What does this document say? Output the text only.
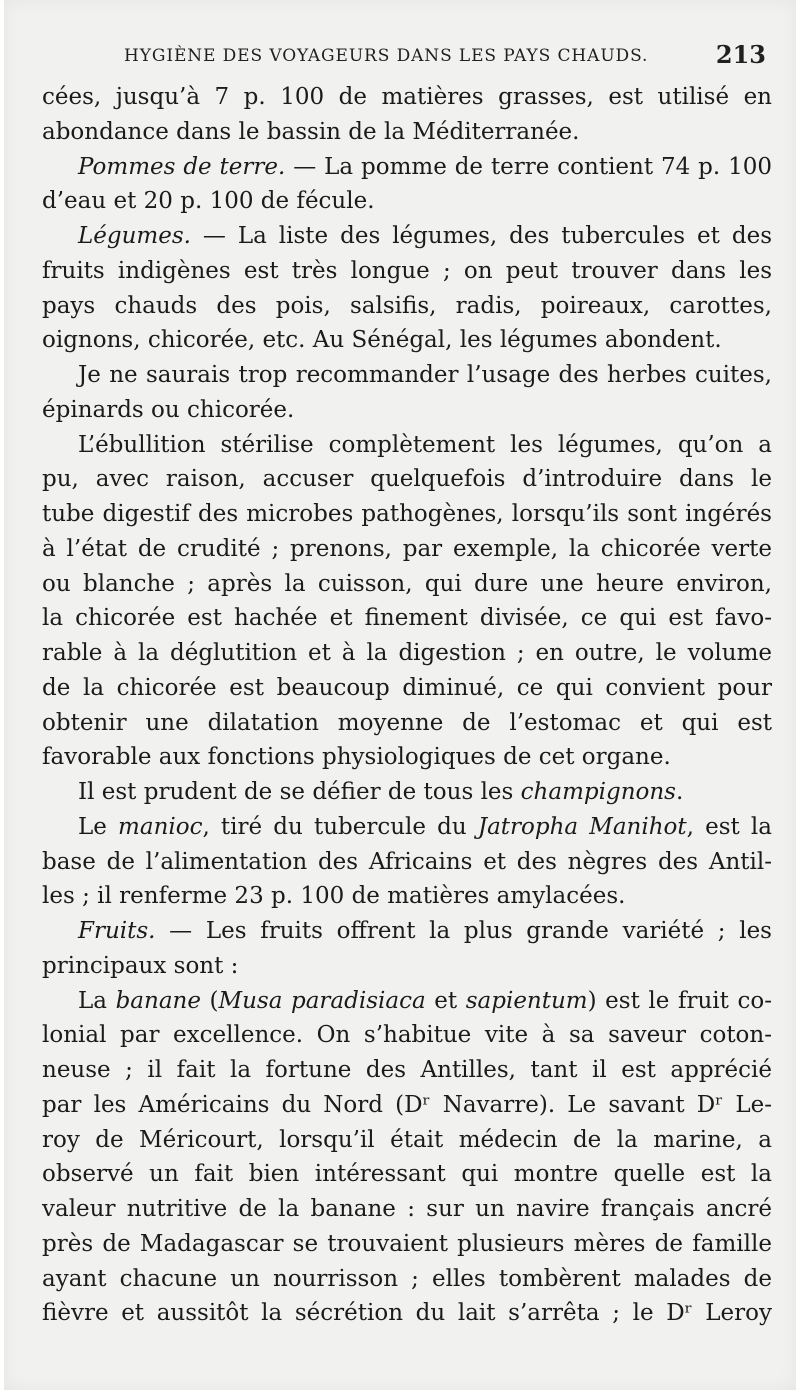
HYGIÈNE DES VOYAGEURS DANS LES PAYS CHAUDS.	213
cées, jusqu’à 7 p. 100 de matières grasses, est utilisé en
abondance dans le bassin de la Méditerranée.
Pommes de terre. — La pomme de terre contient 74 p. 100
d’eau et 20 p. 100 de fécule.
Légumes. — La liste des légumes, des tubercules et des
fruits indigènes est très longue ; on peut trouver dans les
pays chauds des pois, salsifis, radis, poireaux, carottes,
oignons, chicorée, etc. Au Sénégal, les légumes abondent.
Je ne saurais trop recommander l’usage des herbes cuites,
épinards ou chicorée.
L’ébullition stérilise complètement les légumes, qu’on a
pu, avec raison, accuser quelquefois d’introduire dans le
tube digestif des microbes pathogènes, lorsqu’ils sont ingérés
à l’état de crudité ; prenons, par exemple, la chicorée verte
ou blanche ; après la cuisson, qui dure une heure environ,
la chicorée est hachée et finement divisée, ce qui est favo-
rable à la déglutition et à la digestion ; en outre, le volume
de la chicorée est beaucoup diminué, ce qui convient pour
obtenir une dilatation moyenne de l’estomac et qui est
favorable aux fonctions physiologiques de cet organe.
Il est prudent de se défier de tous les champignons.
Le manioc, tiré du tubercule du Jatropha Manihot, est la
base de l’alimentation des Africains et des nègres des Antil-
les ; il renferme 23 p. 100 de matières amylacées.
Fruits. — Les fruits offrent la plus grande variété ; les
principaux sont :
La banane (Musa paradisiaca et sapientum) est le fruit co-
lonial par excellence. On s’habitue vite à sa saveur coton-
neuse ; il fait la fortune des Antilles, tant il est apprécié
par les Américains du Nord (Dʳ Navarre). Le savant Dʳ Le-
roy de Méricourt, lorsqu’il était médecin de la marine, a
observé un fait bien intéressant qui montre quelle est la
valeur nutritive de la banane : sur un navire français ancré
près de Madagascar se trouvaient plusieurs mères de famille
ayant chacune un nourrisson ; elles tombèrent malades de
fièvre et aussitôt la sécrétion du lait s’arrêta ; le Dʳ Leroy
